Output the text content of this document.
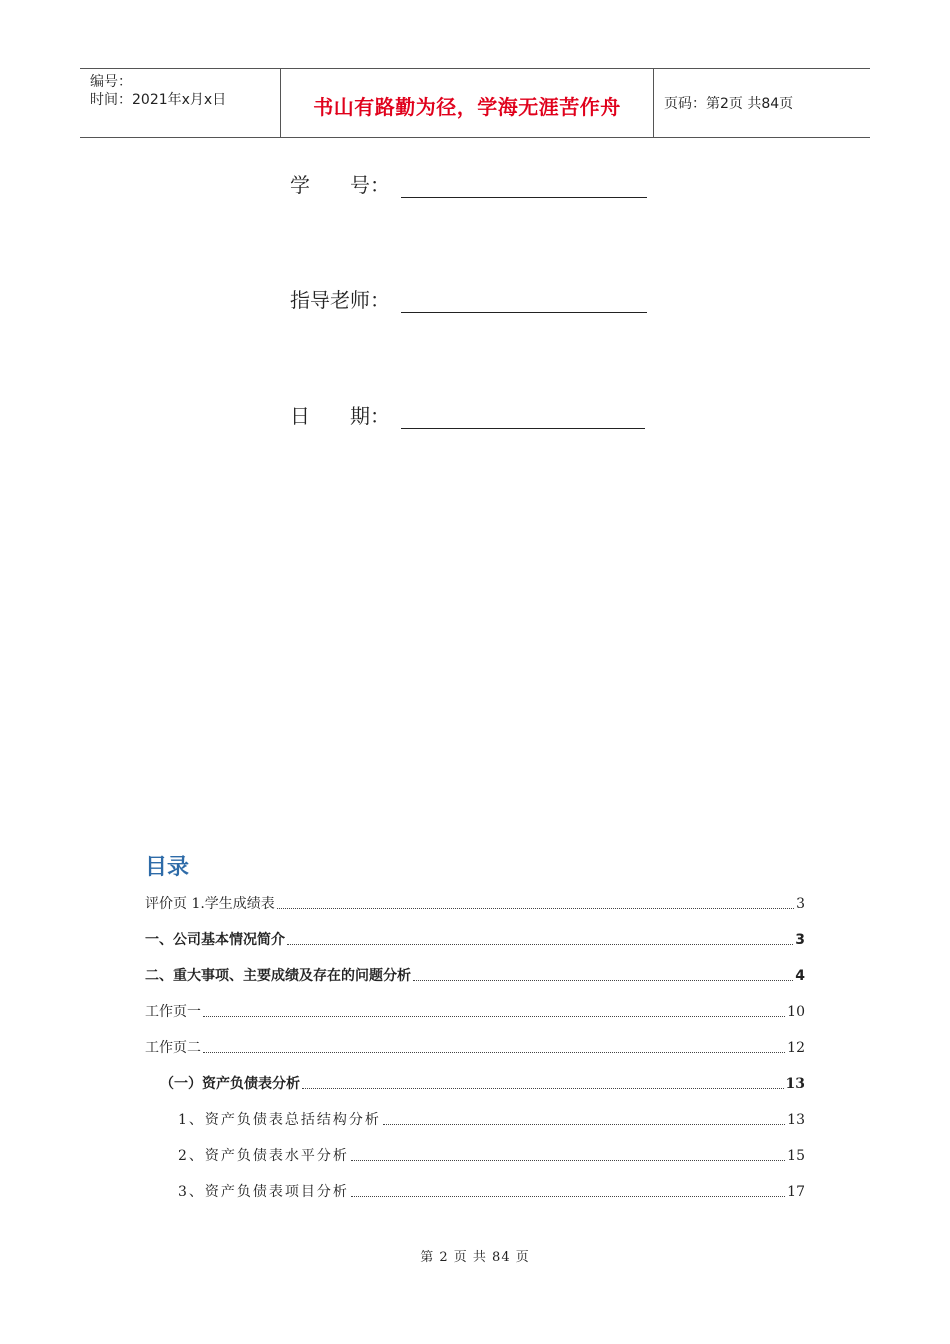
编号：
时间：2021年x月x日	书山有路勤为径，学海无涯苦作舟	页码：第2页 共84页
学　　号：
指导老师：
日　　期：
目录
评价页 1.学生成绩表	3
一、公司基本情况简介	3
二、重大事项、主要成绩及存在的问题分析	4
工作页一	10
工作页二	12
（一）资产负债表分析	13
1、资产负债表总括结构分析	13
2、资产负债表水平分析	15
3、资产负债表项目分析	17
第 2 页 共 84 页
